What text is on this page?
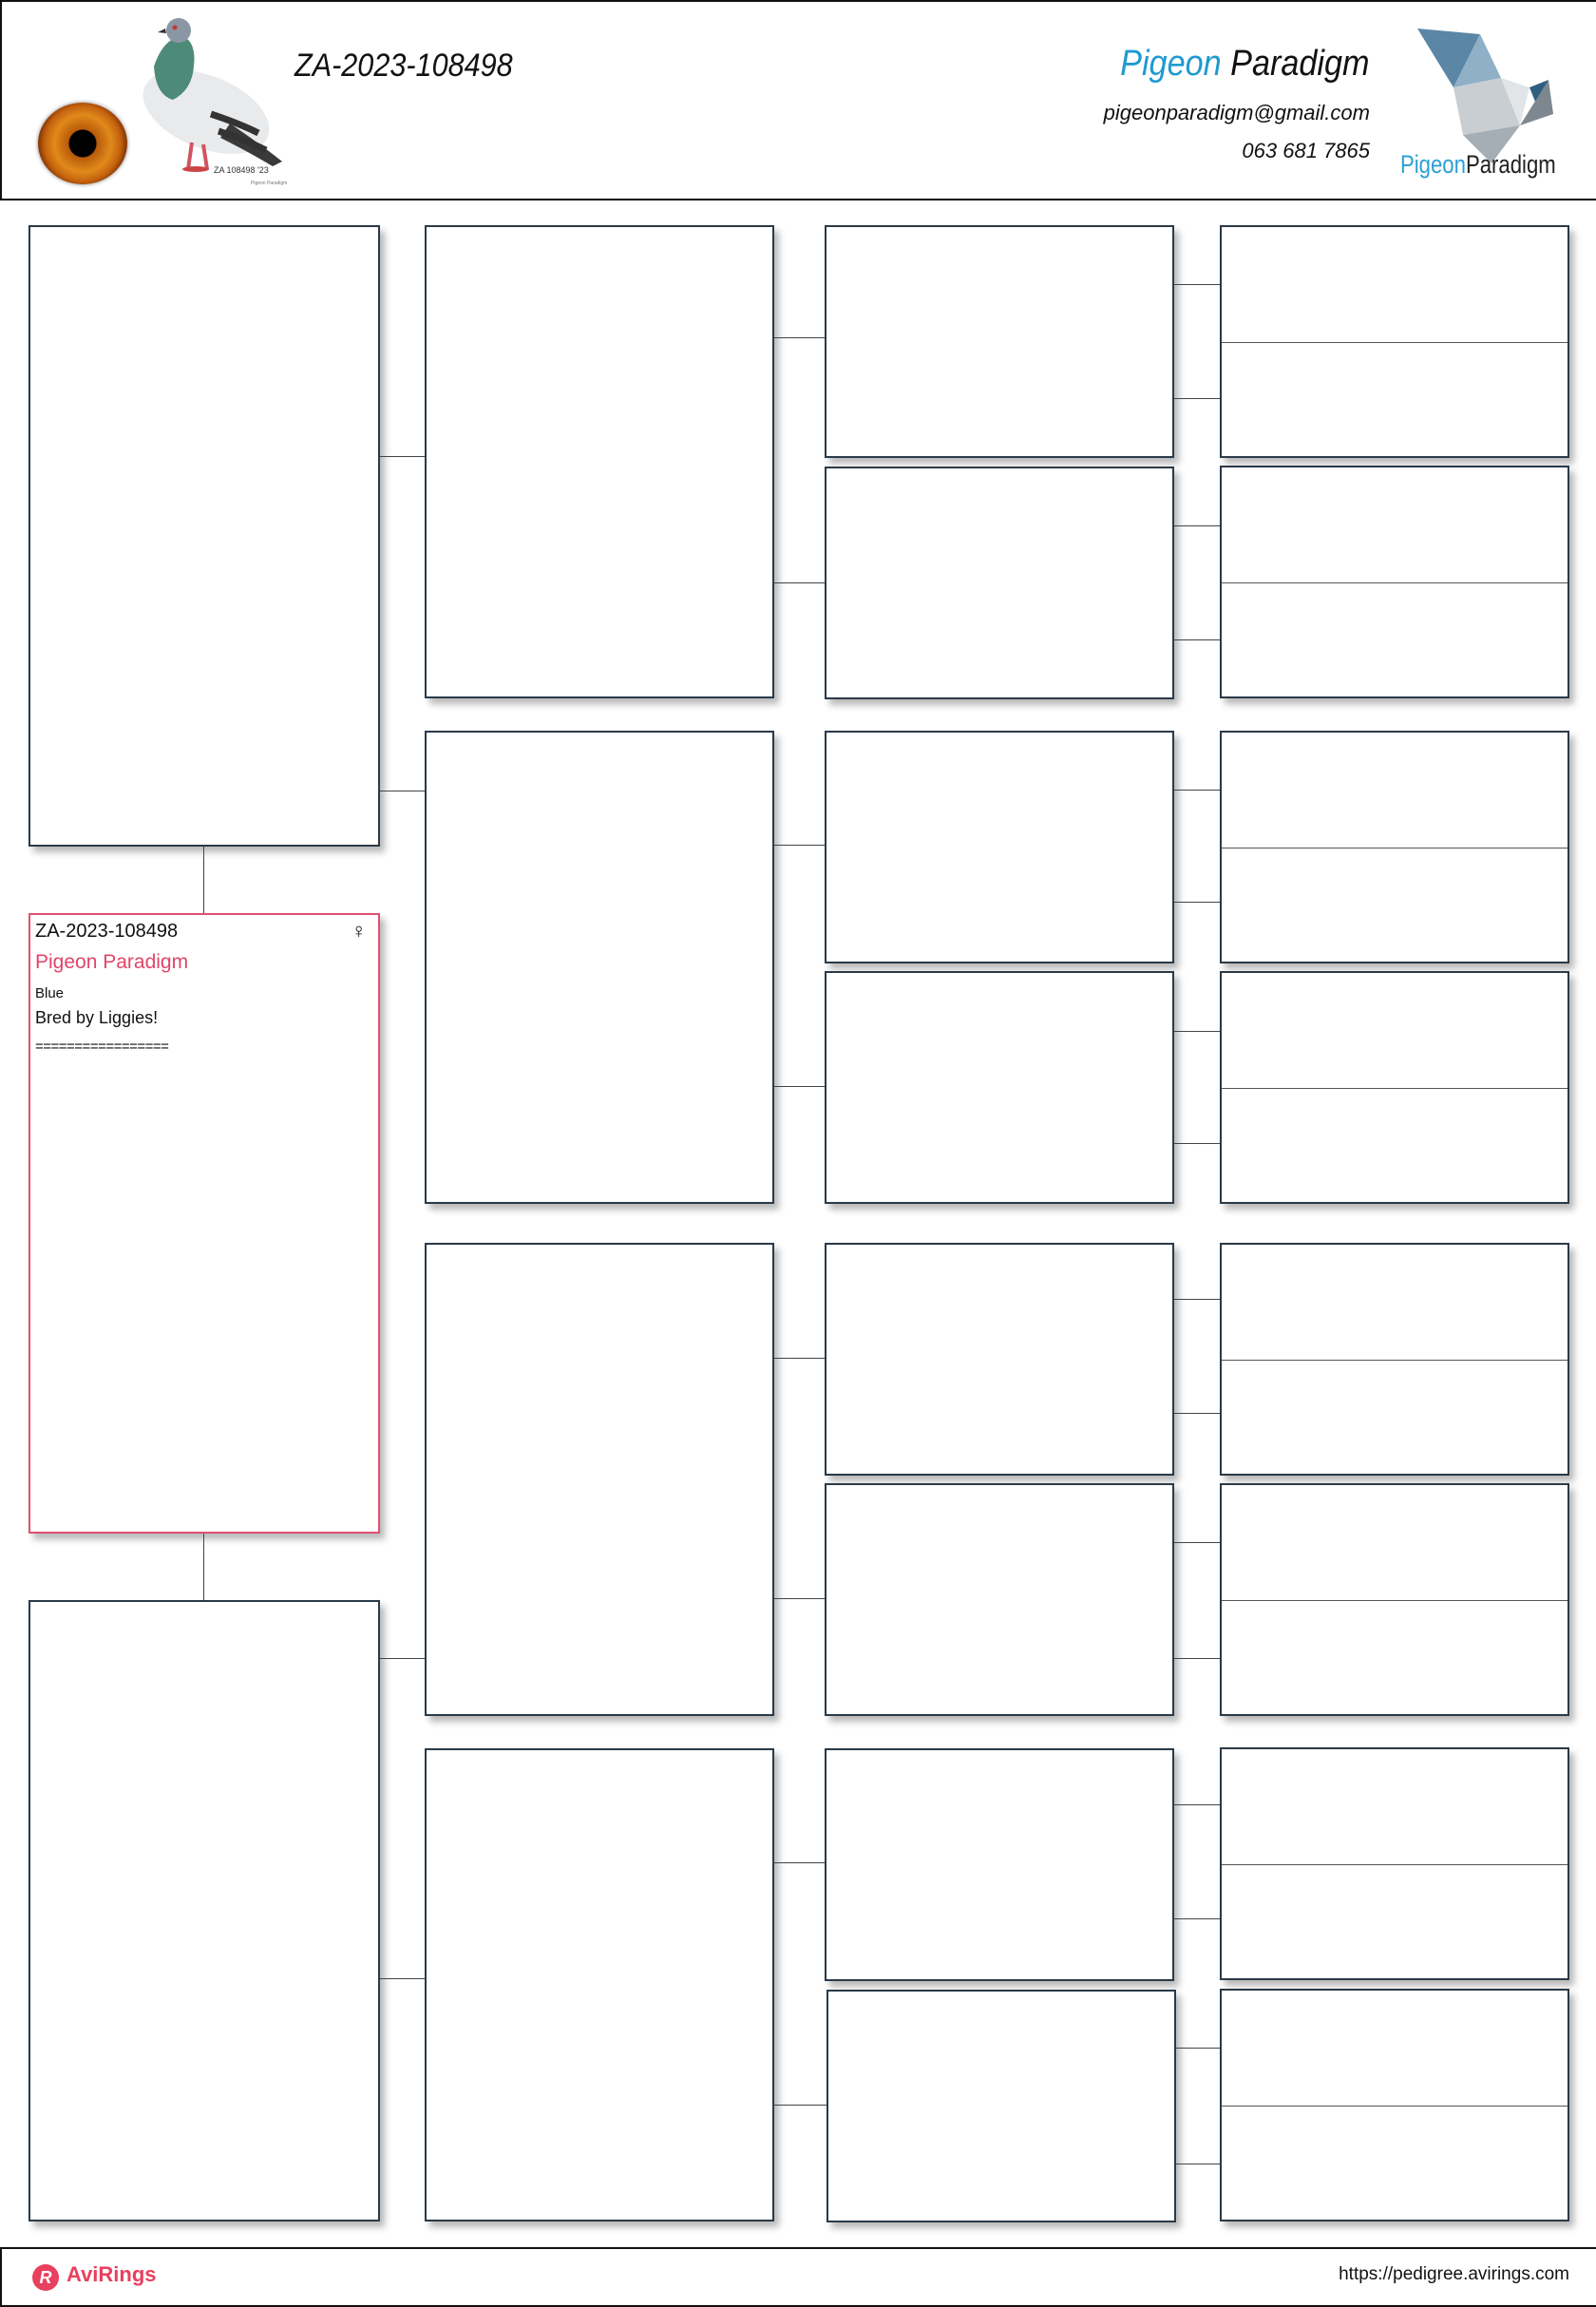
ZA 108498 '23
Pigeon Paradigm
ZA-2023-108498	Pigeon Paradigm
pigeonparadigm@gmail.com
063 681 7865 PigeonParadigm
ZA-2023-108498	♀
Pigeon Paradigm
Blue
Bred by Liggies!
=================
R AviRings	https://pedigree.avirings.com
